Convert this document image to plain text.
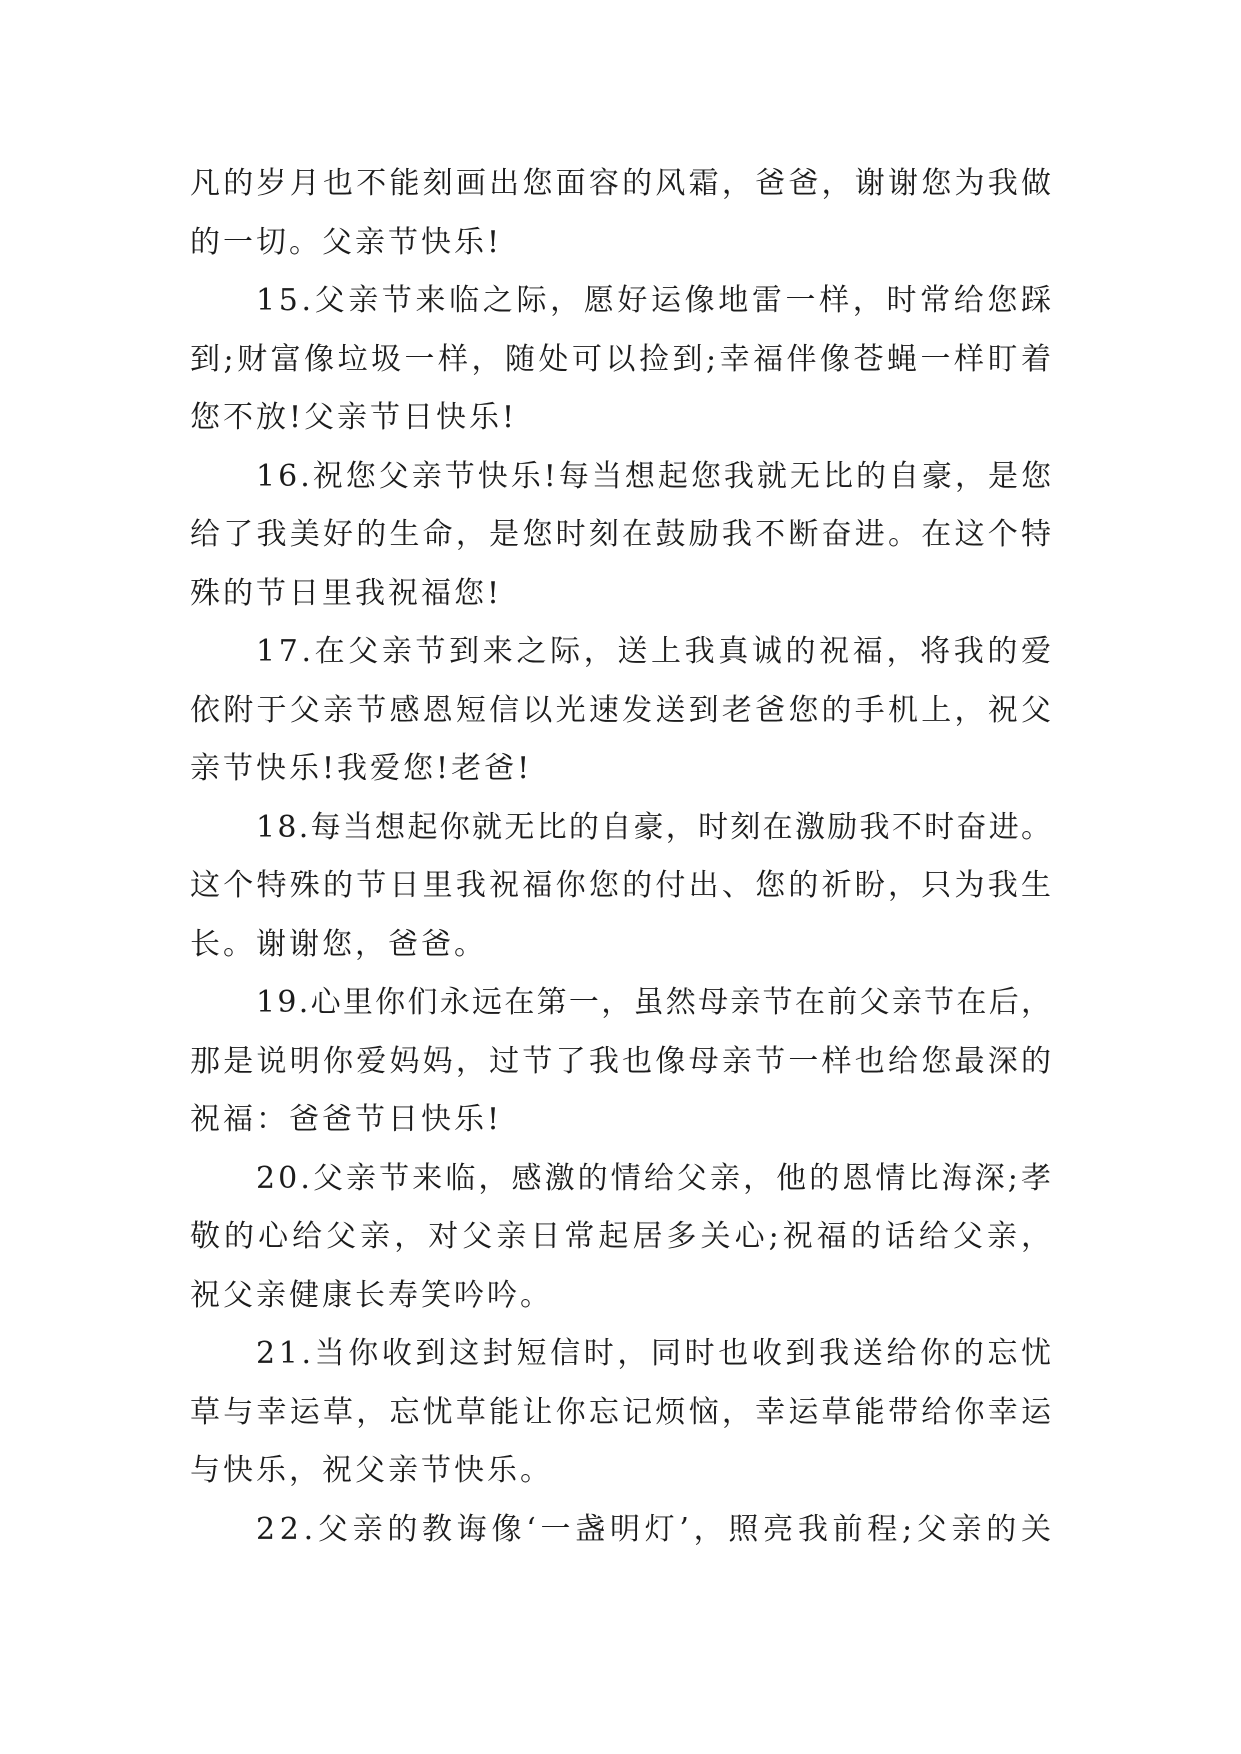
凡的岁月也不能刻画出您面容的风霜，爸爸，谢谢您为我做
的一切。父亲节快乐!
15.父亲节来临之际，愿好运像地雷一样，时常给您踩
到;财富像垃圾一样，随处可以捡到;幸福伴像苍蝇一样盯着
您不放!父亲节日快乐!
16.祝您父亲节快乐!每当想起您我就无比的自豪，是您
给了我美好的生命，是您时刻在鼓励我不断奋进。在这个特
殊的节日里我祝福您!
17.在父亲节到来之际，送上我真诚的祝福，将我的爱
依附于父亲节感恩短信以光速发送到老爸您的手机上，祝父
亲节快乐!我爱您!老爸!
18.每当想起你就无比的自豪，时刻在激励我不时奋进。
这个特殊的节日里我祝福你您的付出、您的祈盼，只为我生
长。谢谢您，爸爸。
19.心里你们永远在第一，虽然母亲节在前父亲节在后，
那是说明你爱妈妈，过节了我也像母亲节一样也给您最深的
祝福：爸爸节日快乐!
20.父亲节来临，感激的情给父亲，他的恩情比海深;孝
敬的心给父亲，对父亲日常起居多关心;祝福的话给父亲，
祝父亲健康长寿笑吟吟。
21.当你收到这封短信时，同时也收到我送给你的忘忧
草与幸运草，忘忧草能让你忘记烦恼，幸运草能带给你幸运
与快乐，祝父亲节快乐。
22.父亲的教诲像‘一盏明灯’，照亮我前程;父亲的关
